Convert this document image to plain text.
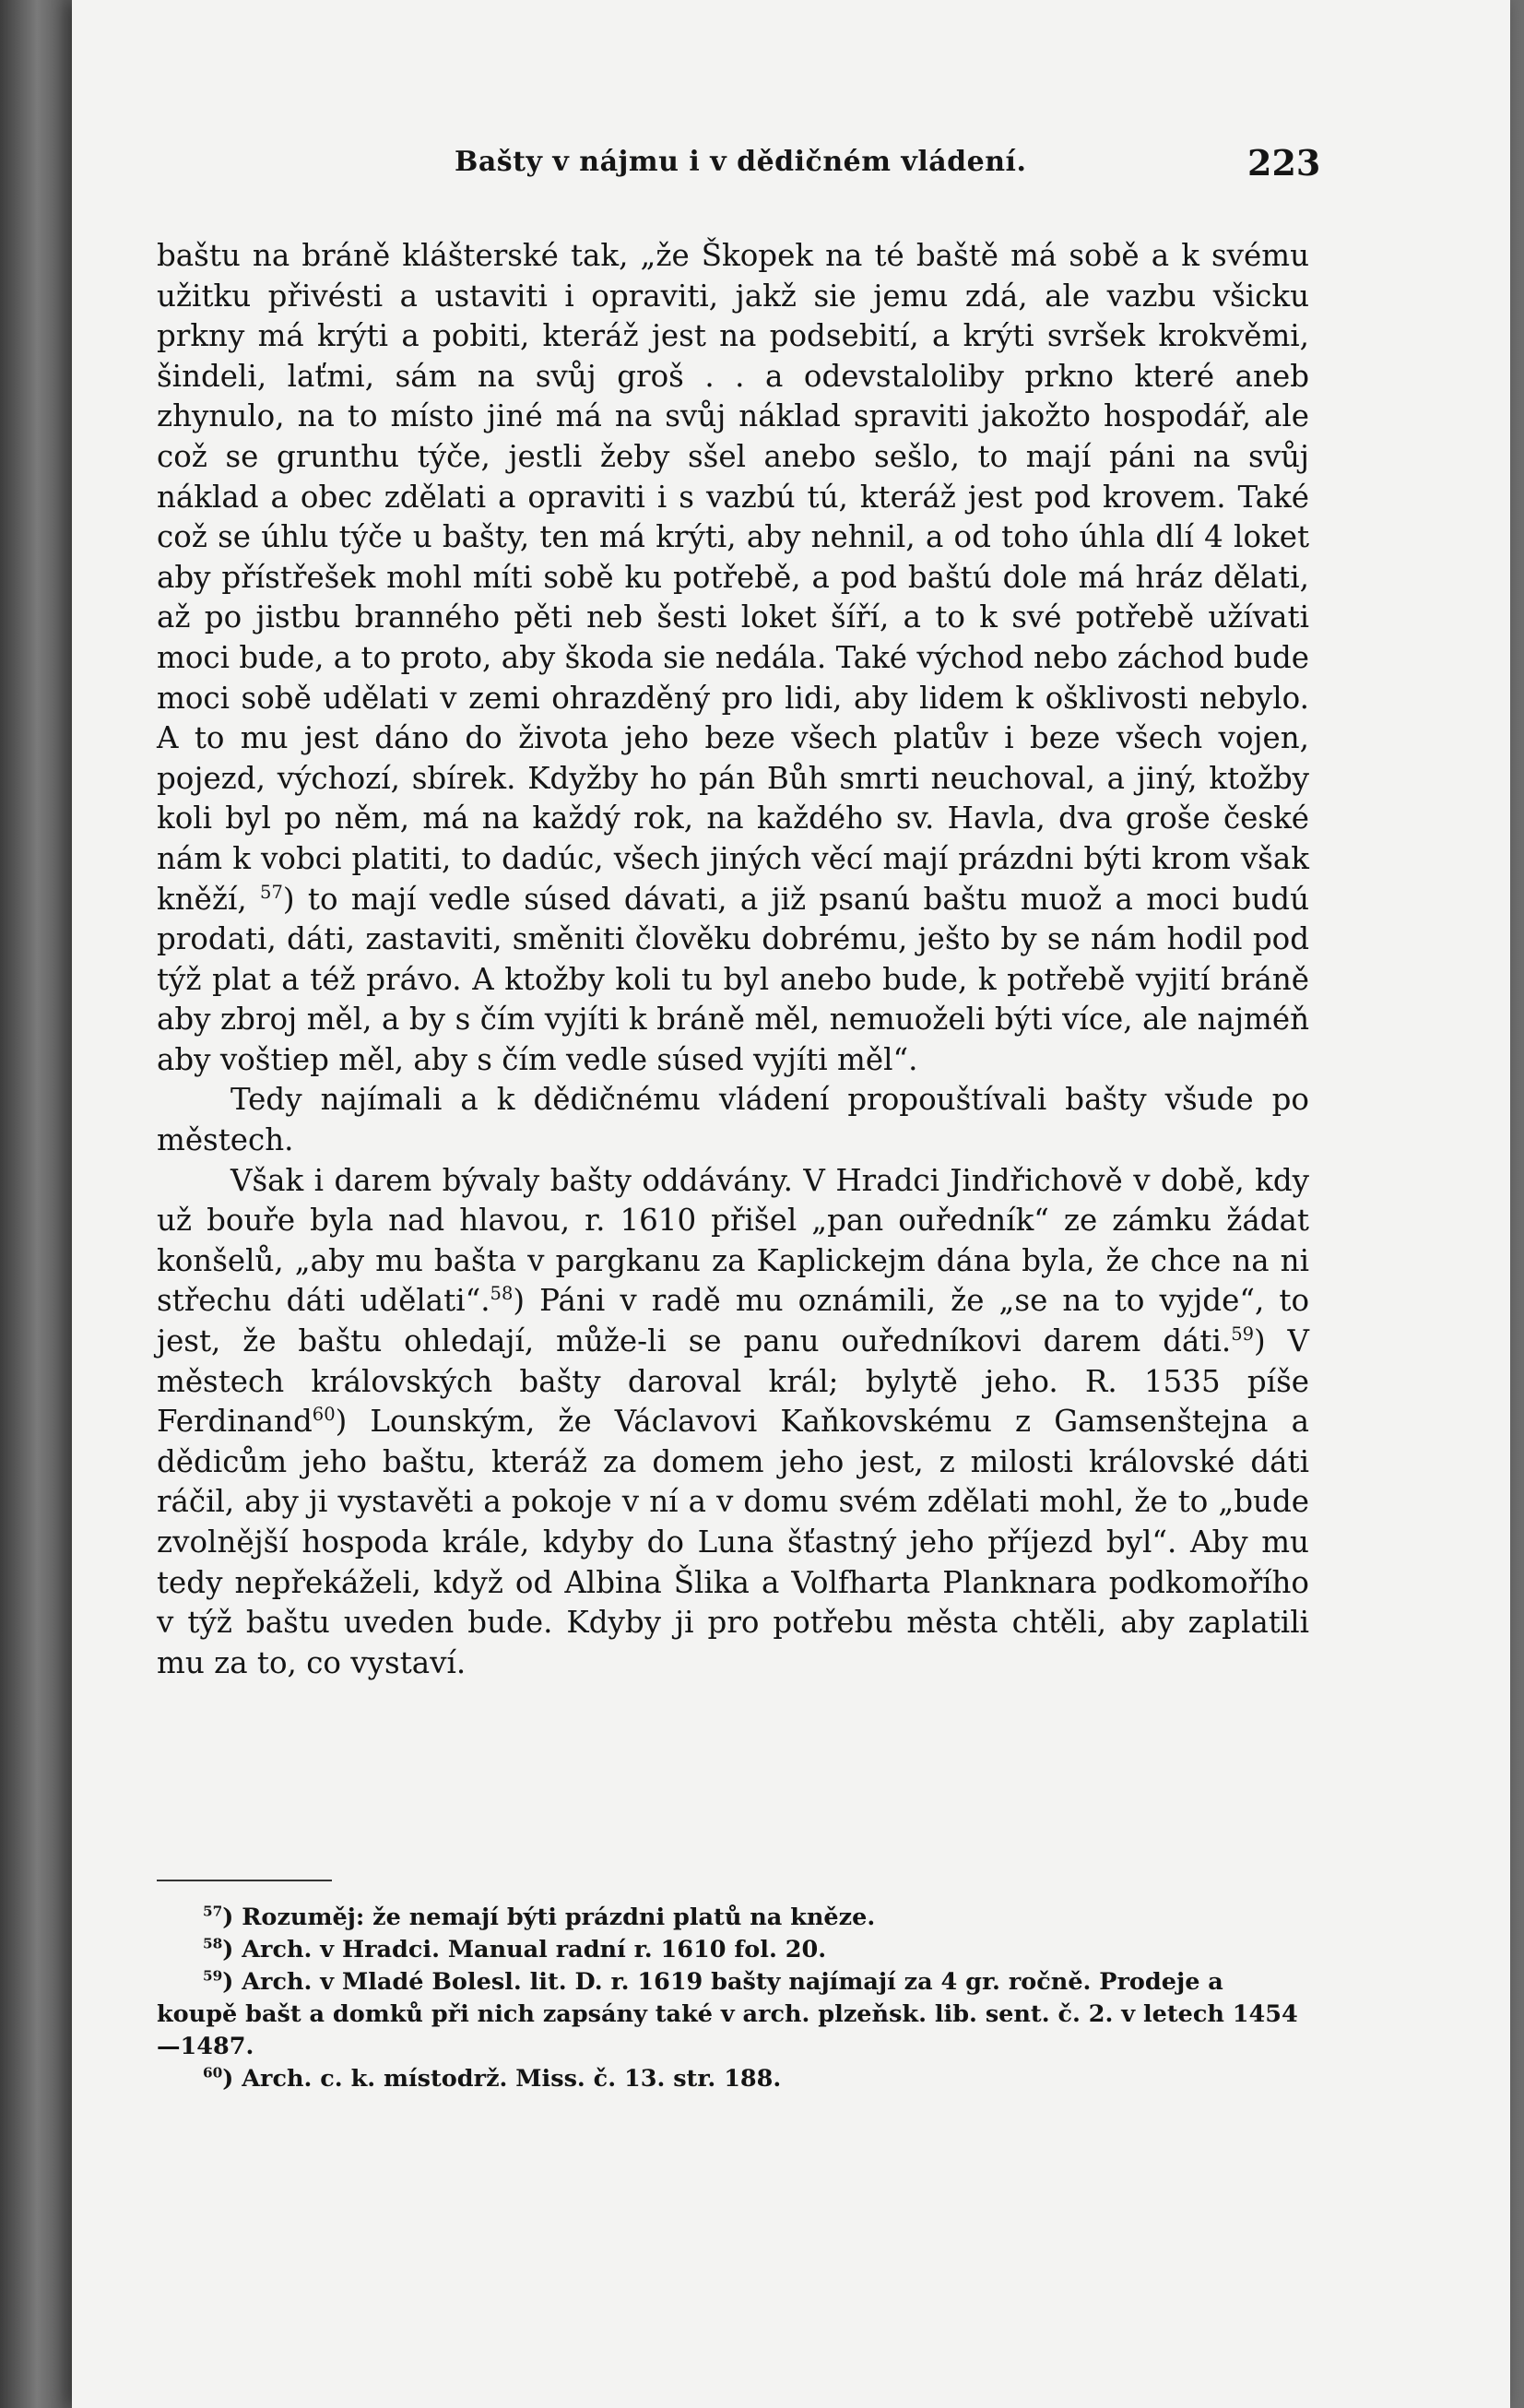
Bašty v nájmu i v dědičném vládení.	223

baštu na bráně klášterské tak, „že Škopek na té baště má sobě a k svému užitku přivésti a ustaviti i opraviti, jakž sie jemu zdá, ale vazbu všicku prkny má krýti a pobiti, kteráž jest na podsebití, a krýti svršek krokvěmi, šindeli, laťmi, sám na svůj groš . . a odevstaloliby prkno které aneb zhynulo, na to místo jiné má na svůj náklad spraviti jakožto hospodář, ale což se grunthu týče, jestli žeby sšel anebo sešlo, to mají páni na svůj náklad a obec zdělati a opraviti i s vazbú tú, kteráž jest pod krovem. Také což se úhlu týče u bašty, ten má krýti, aby nehnil, a od toho úhla dlí 4 loket aby přístřešek mohl míti sobě ku potřebě, a pod baštú dole má hráz dělati, až po jistbu branného pěti neb šesti loket šíří, a to k své potřebě užívati moci bude, a to proto, aby škoda sie nedála. Také východ nebo záchod bude moci sobě udělati v zemi ohrazděný pro lidi, aby lidem k ošklivosti nebylo. A to mu jest dáno do života jeho beze všech platův i beze všech vojen, pojezd, výchozí, sbírek. Kdyžby ho pán Bůh smrti neuchoval, a jiný, ktožby koli byl po něm, má na každý rok, na každého sv. Havla, dva groše české nám k vobci platiti, to dadúc, všech jiných věcí mají prázdni býti krom však kněží, $^{57}$) to mají vedle súsed dávati, a již psanú baštu muož a moci budú prodati, dáti, zastaviti, směniti člověku dobrému, ješto by se nám hodil pod týž plat a též právo. A ktožby koli tu byl anebo bude, k potřebě vyjití bráně aby zbroj měl, a by s čím vyjíti k bráně měl, nemuoželi býti více, ale najméň aby voštiep měl, aby s čím vedle súsed vyjíti měl“.

Tedy najímali a k dědičnému vládení propouštívali bašty všude po městech.

Však i darem bývaly bašty oddávány. V Hradci Jindřichově v době, kdy už bouře byla nad hlavou, r. 1610 přišel „pan ouředník“ ze zámku žádat konšelů, „aby mu bašta v pargkanu za Kaplickejm dána byla, že chce na ni střechu dáti udělati“.$^{58}$) Páni v radě mu oznámili, že „se na to vyjde“, to jest, že baštu ohledají, může-li se panu ouředníkovi darem dáti.$^{59}$) V městech královských bašty daroval král; bylytě jeho. R. 1535 píše Ferdinand$^{60}$) Lounským, že Václavovi Kaňkovskému z Gamsenštejna a dědicům jeho baštu, kteráž za domem jeho jest, z milosti královské dáti ráčil, aby ji vystavěti a pokoje v ní a v domu svém zdělati mohl, že to „bude zvolnější hospoda krále, kdyby do Luna šťastný jeho příjezd byl“. Aby mu tedy nepřekáželi, když od Albina Šlika a Volfharta Planknara podkomořího v týž baštu uveden bude. Kdyby ji pro potřebu města chtěli, aby zaplatili mu za to, co vystaví.

$^{57}$) Rozuměj: že nemají býti prázdni platů na kněze.

$^{58}$) Arch. v Hradci. Manual radní r. 1610 fol. 20.

$^{59}$) Arch. v Mladé Bolesl. lit. D. r. 1619 bašty najímají za 4 gr. ročně. Prodeje a koupě bašt a domků při nich zapsány také v arch. plzeňsk. lib. sent. č. 2. v letech 1454—1487.

$^{60}$) Arch. c. k. místodrž. Miss. č. 13. str. 188.
